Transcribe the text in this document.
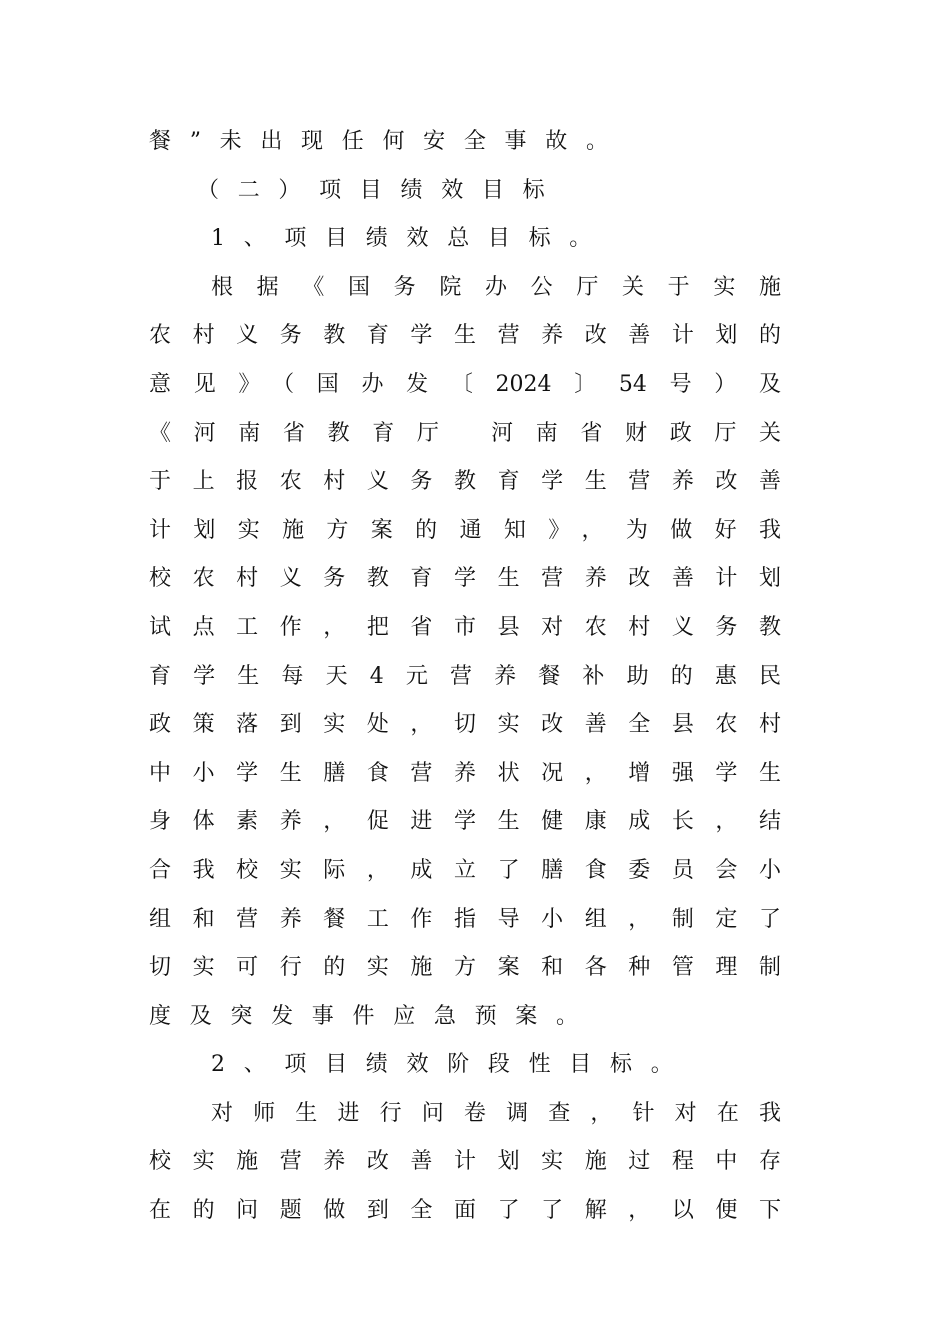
餐”未出现任何安全事故。
（二）项目绩效目标
1、项目绩效总目标。
根据《国务院办公厅关于实施
农村义务教育学生营养改善计划的
意见》（国办发〔2024〕54号）及
《河南省教育厅 河南省财政厅关
于上报农村义务教育学生营养改善
计划实施方案的通知》，为做好我
校农村义务教育学生营养改善计划
试点工作，把省市县对农村义务教
育学生每天4元营养餐补助的惠民
政策落到实处，切实改善全县农村
中小学生膳食营养状况，增强学生
身体素养，促进学生健康成长，结
合我校实际，成立了膳食委员会小
组和营养餐工作指导小组，制定了
切实可行的实施方案和各种管理制
度及突发事件应急预案。
2、项目绩效阶段性目标。
对师生进行问卷调查，针对在我
校实施营养改善计划实施过程中存
在的问题做到全面了了解，以便下
